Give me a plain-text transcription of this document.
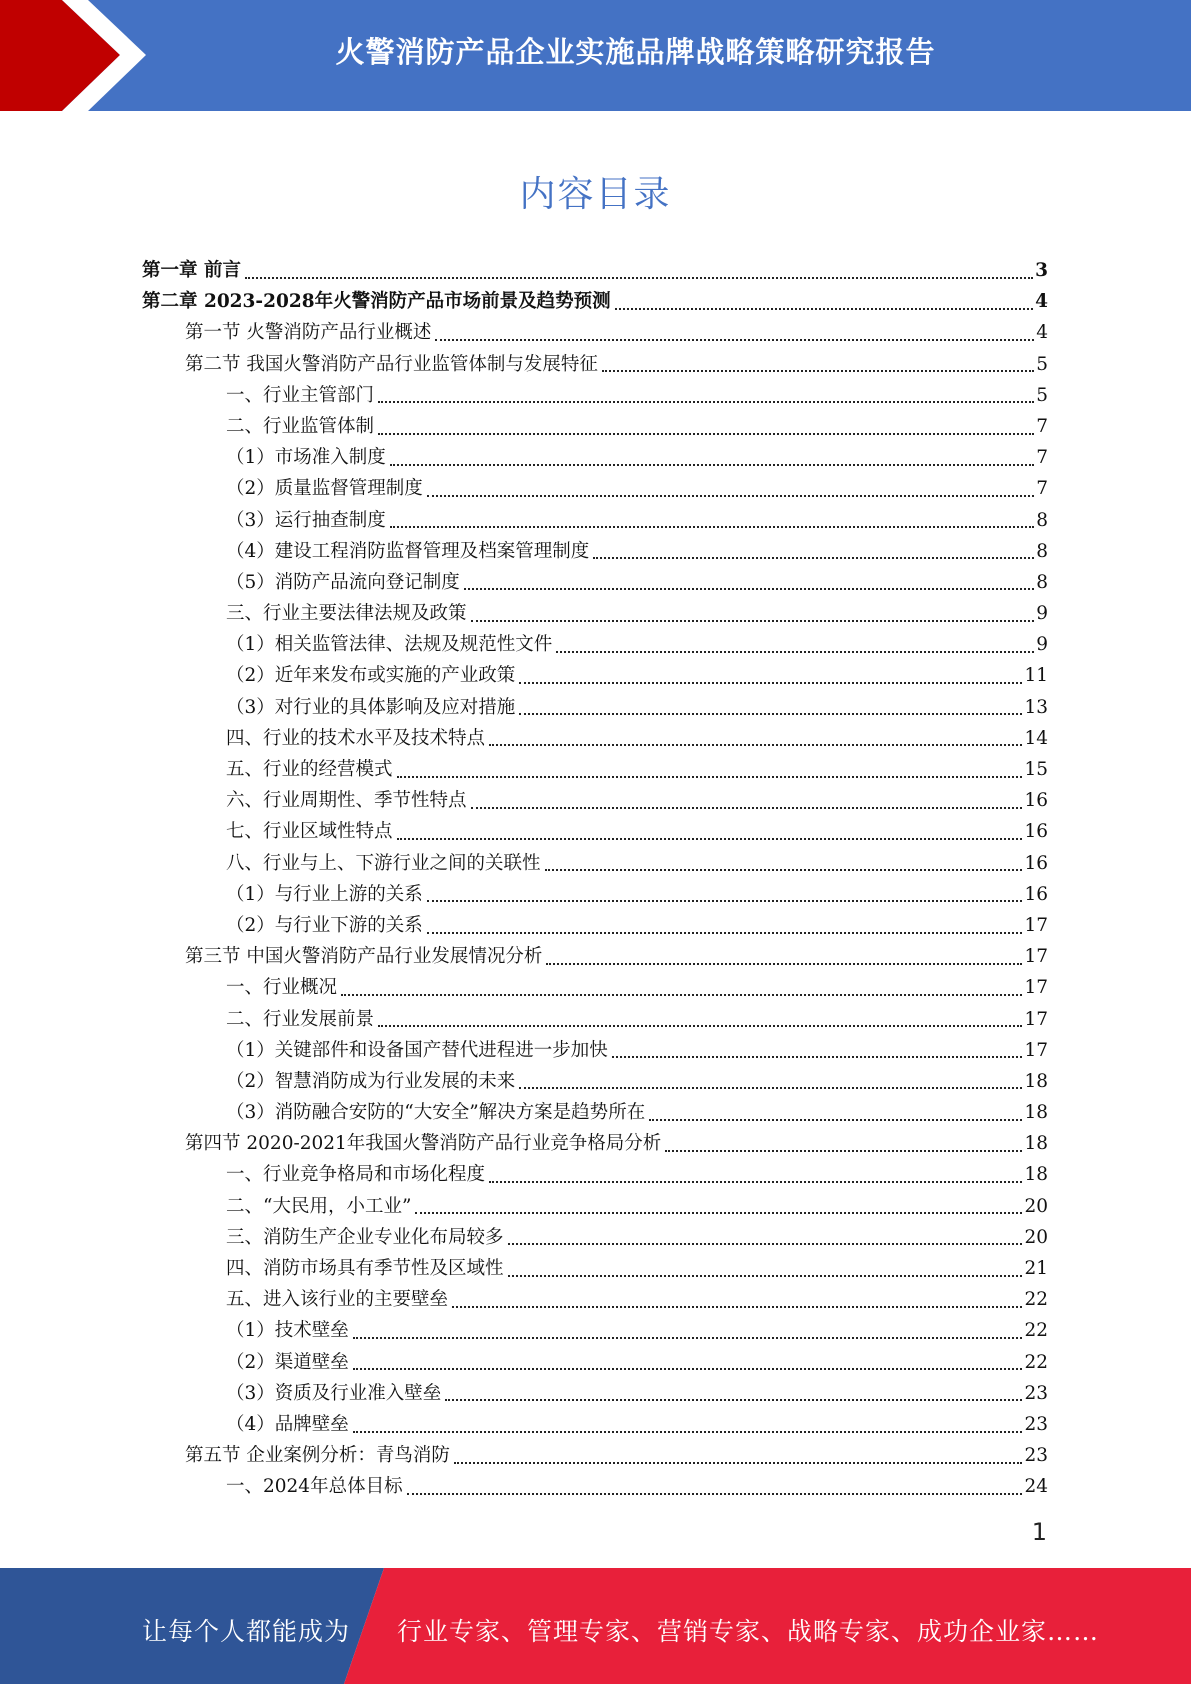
火警消防产品企业实施品牌战略策略研究报告
内容目录
第一章 前言	3
第二章 2023-2028年火警消防产品市场前景及趋势预测	4
第一节 火警消防产品行业概述	4
第二节 我国火警消防产品行业监管体制与发展特征	5
一、行业主管部门	5
二、行业监管体制	7
（1）市场准入制度	7
（2）质量监督管理制度	7
（3）运行抽查制度	8
（4）建设工程消防监督管理及档案管理制度	8
（5）消防产品流向登记制度	8
三、行业主要法律法规及政策	9
（1）相关监管法律、法规及规范性文件	9
（2）近年来发布或实施的产业政策	11
（3）对行业的具体影响及应对措施	13
四、行业的技术水平及技术特点	14
五、行业的经营模式	15
六、行业周期性、季节性特点	16
七、行业区域性特点	16
八、行业与上、下游行业之间的关联性	16
（1）与行业上游的关系	16
（2）与行业下游的关系	17
第三节 中国火警消防产品行业发展情况分析	17
一、行业概况	17
二、行业发展前景	17
（1）关键部件和设备国产替代进程进一步加快	17
（2）智慧消防成为行业发展的未来	18
（3）消防融合安防的“大安全”解决方案是趋势所在	18
第四节 2020-2021年我国火警消防产品行业竞争格局分析	18
一、行业竞争格局和市场化程度	18
二、“大民用，小工业”	20
三、消防生产企业专业化布局较多	20
四、消防市场具有季节性及区域性	21
五、进入该行业的主要壁垒	22
（1）技术壁垒	22
（2）渠道壁垒	22
（3）资质及行业准入壁垒	23
（4）品牌壁垒	23
第五节 企业案例分析：青鸟消防	23
一、2024年总体目标	24
1
让每个人都能成为 行业专家、管理专家、营销专家、战略专家、成功企业家……
